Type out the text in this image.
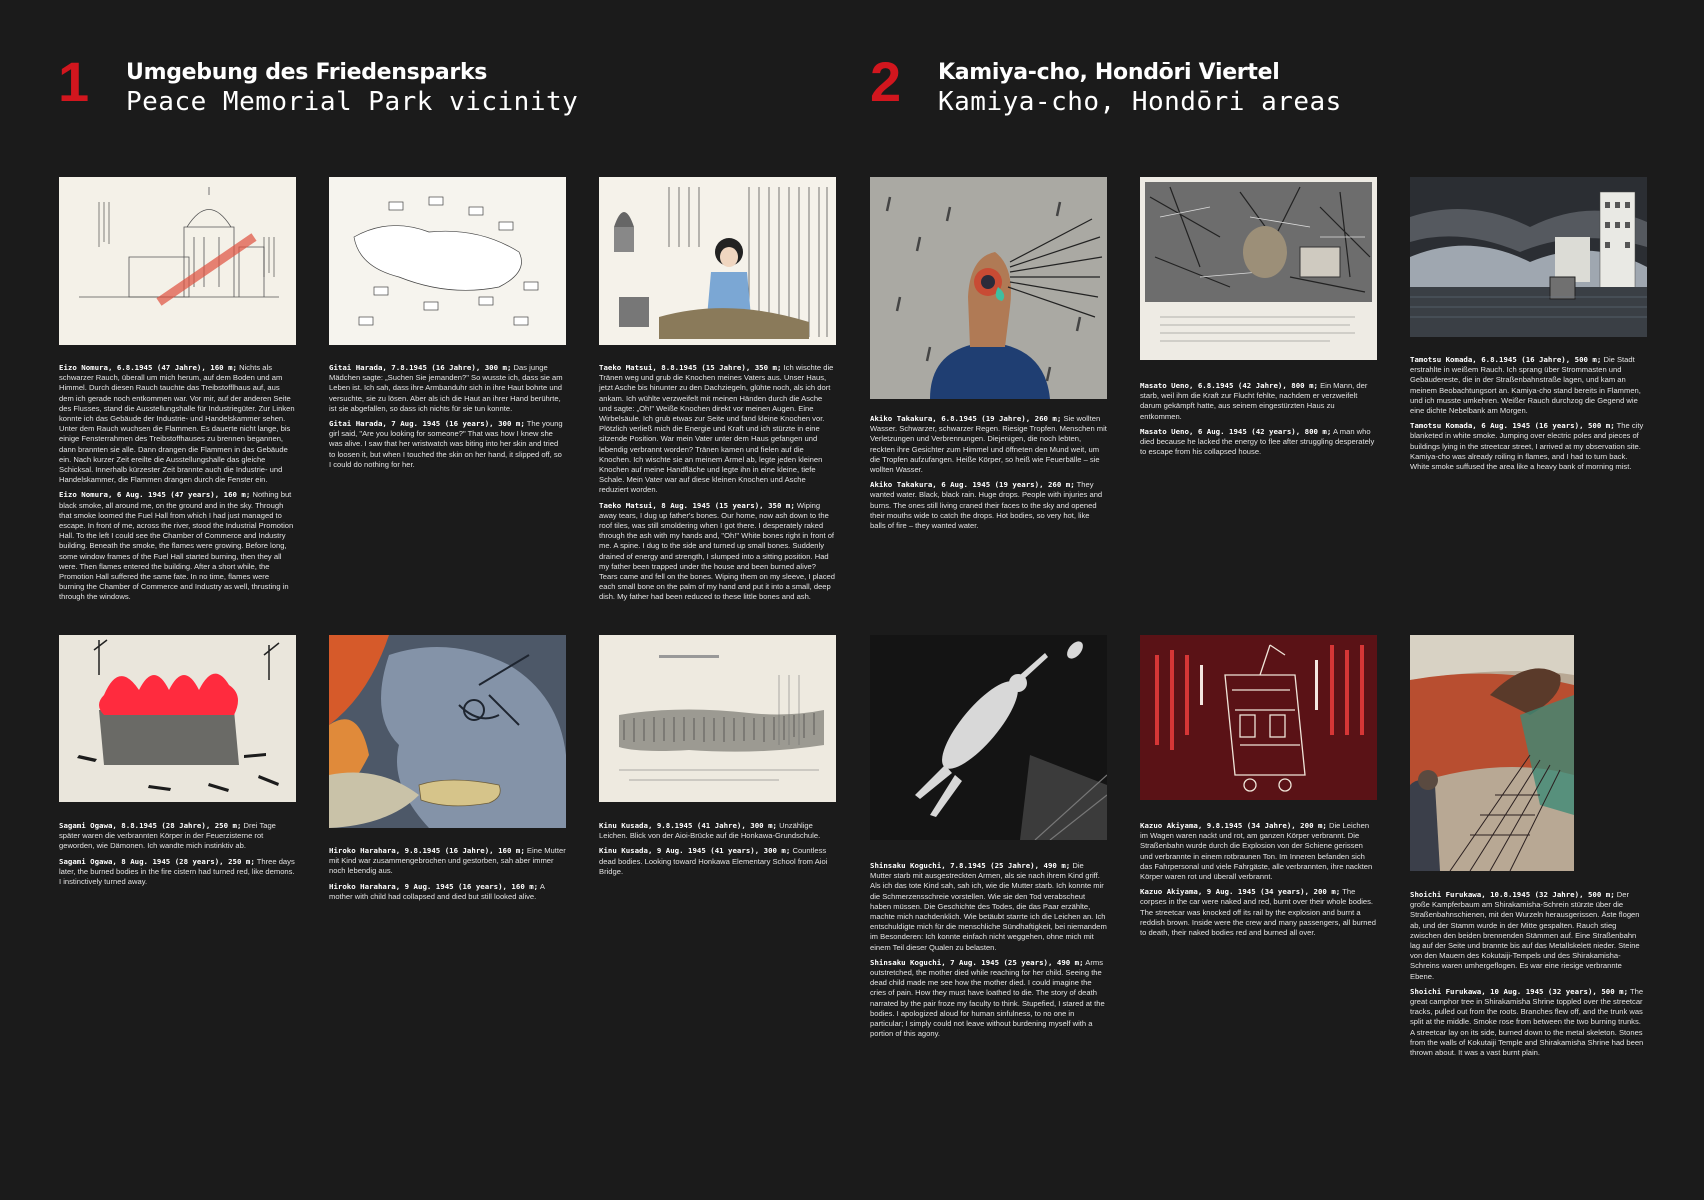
1 Umgebung des Friedensparks
Peace Memorial Park vicinity	2 Kamiya-cho, Hondōri Viertel
Kamiya-cho, Hondōri areas

Eizo Nomura, 6.8.1945 (47 Jahre), 160 m; Nichts als schwarzer Rauch, überall um mich herum, auf dem Boden und am Himmel. Durch diesen Rauch tauchte das Treibstofflhaus auf, aus dem ich gerade noch entkommen war. Vor mir, auf der anderen Seite des Flusses, stand die Ausstellungshalle für Industriegüter. Zur Linken konnte ich das Gebäude der Industrie- und Handelskammer sehen. Unter dem Rauch wuchsen die Flammen. Es dauerte nicht lange, bis einige Fensterrahmen des Treibstoffhauses zu brennen begannen, dann brannten sie alle. Dann drangen die Flammen in das Gebäude ein. Nach kurzer Zeit ereilte die Ausstellungshalle das gleiche Schicksal. Innerhalb kürzester Zeit brannte auch die Industrie- und Handelskammer, die Flammen drangen durch die Fenster ein.

Eizo Nomura, 6 Aug. 1945 (47 years), 160 m; Nothing but black smoke, all around me, on the ground and in the sky. Through that smoke loomed the Fuel Hall from which I had just managed to escape. In front of me, across the river, stood the Industrial Promotion Hall. To the left I could see the Chamber of Commerce and Industry building. Beneath the smoke, the flames were growing. Before long, some window frames of the Fuel Hall started burning, then they all were. Then flames entered the building. After a short while, the Promotion Hall suffered the same fate. In no time, flames were burning the Chamber of Commerce and Industry as well, thrusting in through the windows.

Gitai Harada, 7.8.1945 (16 Jahre), 300 m; Das junge Mädchen sagte: „Suchen Sie jemanden?" So wusste ich, dass sie am Leben ist. Ich sah, dass ihre Armbanduhr sich in ihre Haut bohrte und versuchte, sie zu lösen. Aber als ich die Haut an ihrer Hand berührte, ist sie abgefallen, so dass ich nichts für sie tun konnte.

Gitai Harada, 7 Aug. 1945 (16 years), 300 m; The young girl said, "Are you looking for someone?" That was how I knew she was alive. I saw that her wristwatch was biting into her skin and tried to loosen it, but when I touched the skin on her hand, it slipped off, so I could do nothing for her.

Taeko Matsui, 8.8.1945 (15 Jahre), 350 m; Ich wischte die Tränen weg und grub die Knochen meines Vaters aus. Unser Haus, jetzt Asche bis hinunter zu den Dachziegeln, glühte noch, als ich dort ankam. Ich wühlte verzweifelt mit meinen Händen durch die Asche und sagte: „Oh!" Weiße Knochen direkt vor meinen Augen. Eine Wirbelsäule. Ich grub etwas zur Seite und fand kleine Knochen vor. Plötzlich verließ mich die Energie und Kraft und ich stürzte in eine sitzende Position. War mein Vater unter dem Haus gefangen und lebendig verbrannt worden? Tränen kamen und fielen auf die Knochen. Ich wischte sie an meinem Ärmel ab, legte jeden kleinen Knochen auf meine Handfläche und legte ihn in eine kleine, tiefe Schale. Mein Vater war auf diese kleinen Knochen und Asche reduziert worden.

Taeko Matsui, 8 Aug. 1945 (15 years), 350 m; Wiping away tears, I dug up father's bones. Our home, now ash down to the roof tiles, was still smoldering when I got there. I desperately raked through the ash with my hands and, "Oh!" White bones right in front of me. A spine. I dug to the side and turned up small bones. Suddenly drained of energy and strength, I slumped into a sitting position. Had my father been trapped under the house and been burned alive? Tears came and fell on the bones. Wiping them on my sleeve, I placed each small bone on the palm of my hand and put it into a small, deep dish. My father had been reduced to these little bones and ash.

Akiko Takakura, 6.8.1945 (19 Jahre), 260 m; Sie wollten Wasser. Schwarzer, schwarzer Regen. Riesige Tropfen. Menschen mit Verletzungen und Verbrennungen. Diejenigen, die noch lebten, reckten ihre Gesichter zum Himmel und öffneten den Mund weit, um die Tropfen aufzufangen. Heiße Körper, so heiß wie Feuerbälle – sie wollten Wasser.

Akiko Takakura, 6 Aug. 1945 (19 years), 260 m; They wanted water. Black, black rain. Huge drops. People with injuries and burns. The ones still living craned their faces to the sky and opened their mouths wide to catch the drops. Hot bodies, so very hot, like balls of fire – they wanted water.

Masato Ueno, 6.8.1945 (42 Jahre), 800 m; Ein Mann, der starb, weil ihm die Kraft zur Flucht fehlte, nachdem er verzweifelt darum gekämpft hatte, aus seinem eingestürzten Haus zu entkommen.

Masato Ueno, 6 Aug. 1945 (42 years), 800 m; A man who died because he lacked the energy to flee after struggling desperately to escape from his collapsed house.

Tamotsu Komada, 6.8.1945 (16 Jahre), 500 m; Die Stadt erstrahlte in weißem Rauch. Ich sprang über Strommasten und Gebäudereste, die in der Straßenbahnstraße lagen, und kam an meinem Beobachtungsort an. Kamiya-cho stand bereits in Flammen, und ich musste umkehren. Weißer Rauch durchzog die Gegend wie eine dichte Nebelbank am Morgen.

Tamotsu Komada, 6 Aug. 1945 (16 years), 500 m; The city blanketed in white smoke. Jumping over electric poles and pieces of buildings lying in the streetcar street, I arrived at my observation site. Kamiya-cho was already roiling in flames, and I had to turn back. White smoke suffused the area like a heavy bank of morning mist.

Sagami Ogawa, 8.8.1945 (28 Jahre), 250 m; Drei Tage später waren die verbrannten Körper in der Feuerzisterne rot geworden, wie Dämonen. Ich wandte mich instinktiv ab.

Sagami Ogawa, 8 Aug. 1945 (28 years), 250 m; Three days later, the burned bodies in the fire cistern had turned red, like demons. I instinctively turned away.

Hiroko Harahara, 9.8.1945 (16 Jahre), 160 m; Eine Mutter mit Kind war zusammengebrochen und gestorben, sah aber immer noch lebendig aus.

Hiroko Harahara, 9 Aug. 1945 (16 years), 160 m; A mother with child had collapsed and died but still looked alive.

Kinu Kusada, 9.8.1945 (41 Jahre), 300 m; Unzählige Leichen. Blick von der Aioi-Brücke auf die Honkawa-Grundschule.

Kinu Kusada, 9 Aug. 1945 (41 years), 300 m; Countless dead bodies. Looking toward Honkawa Elementary School from Aioi Bridge.

Shinsaku Koguchi, 7.8.1945 (25 Jahre), 490 m; Die Mutter starb mit ausgestreckten Armen, als sie nach ihrem Kind griff. Als ich das tote Kind sah, sah ich, wie die Mutter starb. Ich konnte mir die Schmerzensschreie vorstellen. Wie sie den Tod verabscheut haben müssen. Die Geschichte des Todes, die das Paar erzählte, machte mich nachdenklich. Wie betäubt starrte ich die Leichen an. Ich entschuldigte mich für die menschliche Sündhaftigkeit, bei niemandem im Besonderen: Ich konnte einfach nicht weggehen, ohne mich mit einem Teil dieser Qualen zu belasten.

Shinsaku Koguchi, 7 Aug. 1945 (25 years), 490 m; Arms outstretched, the mother died while reaching for her child. Seeing the dead child made me see how the mother died. I could imagine the cries of pain. How they must have loathed to die. The story of death narrated by the pair froze my faculty to think. Stupefied, I stared at the bodies. I apologized aloud for human sinfulness, to no one in particular; I simply could not leave without burdening myself with a portion of this agony.

Kazuo Akiyama, 9.8.1945 (34 Jahre), 200 m; Die Leichen im Wagen waren nackt und rot, am ganzen Körper verbrannt. Die Straßenbahn wurde durch die Explosion von der Schiene gerissen und verbrannte in einem rotbraunen Ton. Im Inneren befanden sich das Fahrpersonal und viele Fahrgäste, alle verbrannten, ihre nackten Körper waren rot und überall verbrannt.

Kazuo Akiyama, 9 Aug. 1945 (34 years), 200 m; The corpses in the car were naked and red, burnt over their whole bodies. The streetcar was knocked off its rail by the explosion and burnt a reddish brown. Inside were the crew and many passengers, all burned to death, their naked bodies red and burned all over.

Shoichi Furukawa, 10.8.1945 (32 Jahre), 500 m; Der große Kampferbaum am Shirakamisha-Schrein stürzte über die Straßenbahnschienen, mit den Wurzeln herausgerissen. Äste flogen ab, und der Stamm wurde in der Mitte gespalten. Rauch stieg zwischen den beiden brennenden Stämmen auf. Eine Straßenbahn lag auf der Seite und brannte bis auf das Metallskelett nieder. Steine von den Mauern des Kokutaiji-Tempels und des Shirakamisha-Schreins waren umhergeflogen. Es war eine riesige verbrannte Ebene.

Shoichi Furukawa, 10 Aug. 1945 (32 years), 500 m; The great camphor tree in Shirakamisha Shrine toppled over the streetcar tracks, pulled out from the roots. Branches flew off, and the trunk was split at the middle. Smoke rose from between the two burning trunks. A streetcar lay on its side, burned down to the metal skeleton. Stones from the walls of Kokutaiji Temple and Shirakamisha Shrine had been thrown about. It was a vast burnt plain.
